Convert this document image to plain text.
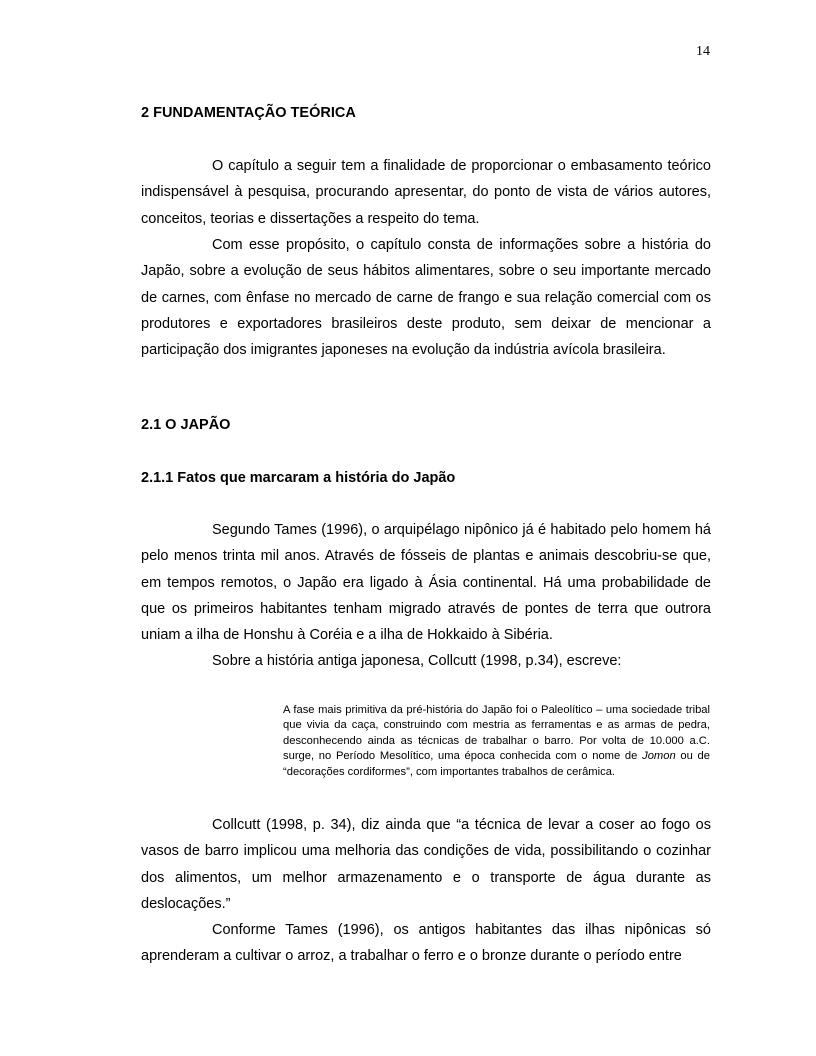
14
2 FUNDAMENTAÇÃO TEÓRICA
O capítulo a seguir tem a finalidade de proporcionar o embasamento teórico indispensável à pesquisa, procurando apresentar, do ponto de vista de vários autores, conceitos, teorias e dissertações a respeito do tema.
Com esse propósito, o capítulo consta de informações sobre a história do Japão, sobre a evolução de seus hábitos alimentares, sobre o seu importante mercado de carnes, com ênfase no mercado de carne de frango e sua relação comercial com os produtores e exportadores brasileiros deste produto, sem deixar de mencionar a participação dos imigrantes japoneses na evolução da indústria avícola brasileira.
2.1 O JAPÃO
2.1.1 Fatos que marcaram a história do Japão
Segundo Tames (1996), o arquipélago nipônico já é habitado pelo homem há pelo menos trinta mil anos. Através de fósseis de plantas e animais descobriu-se que, em tempos remotos, o Japão era ligado à Ásia continental. Há uma probabilidade de que os primeiros habitantes tenham migrado através de pontes de terra que outrora uniam a ilha de Honshu à Coréia e a ilha de Hokkaido à Sibéria.
Sobre a história antiga japonesa, Collcutt (1998, p.34), escreve:
A fase mais primitiva da pré-história do Japão foi o Paleolítico – uma sociedade tribal que vivia da caça, construindo com mestria as ferramentas e as armas de pedra, desconhecendo ainda as técnicas de trabalhar o barro. Por volta de 10.000 a.C. surge, no Período Mesolítico, uma época conhecida com o nome de Jomon ou de “decorações cordiformes”, com importantes trabalhos de cerâmica.
Collcutt (1998, p. 34), diz ainda que “a técnica de levar a coser ao fogo os vasos de barro implicou uma melhoria das condições de vida, possibilitando o cozinhar dos alimentos, um melhor armazenamento e o transporte de água durante as deslocações.”
Conforme Tames (1996), os antigos habitantes das ilhas nipônicas só aprenderam a cultivar o arroz, a trabalhar o ferro e o bronze durante o período entre
